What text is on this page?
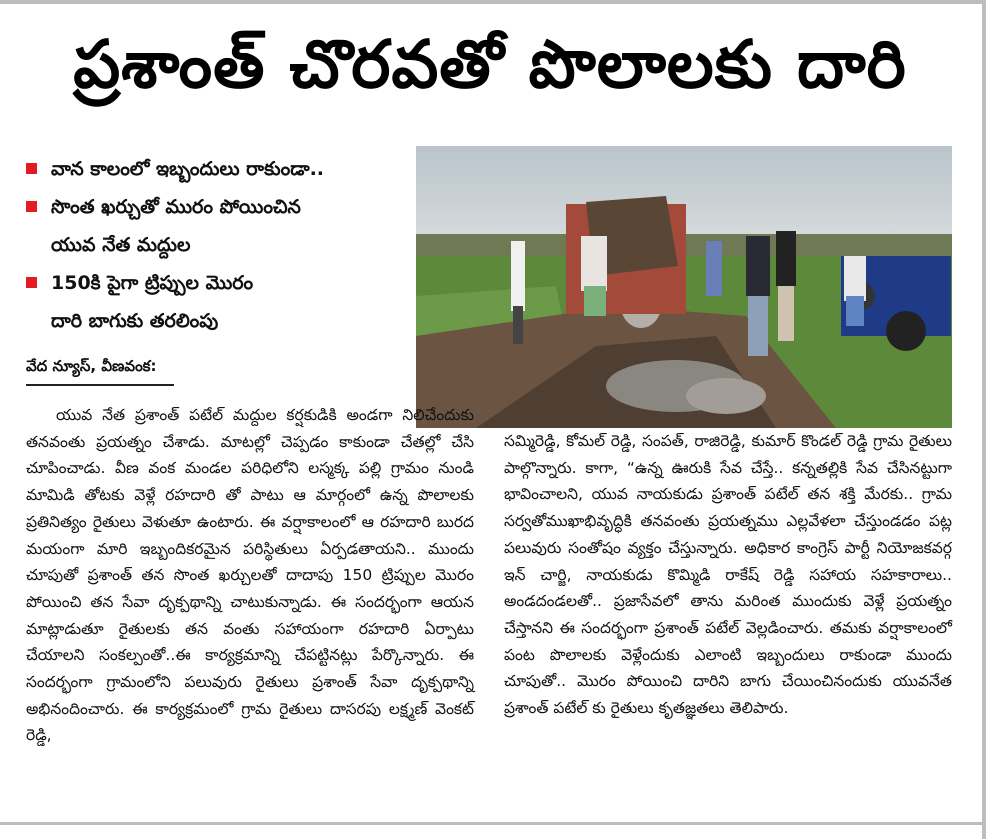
ప్రశాంత్ చొరవతో పొలాలకు దారి
వాన కాలంలో ఇబ్బందులు రాకుండా..
సొంత ఖర్చుతో మురం పోయించిన
యువ నేత మద్దుల
150కి పైగా ట్రిప్పుల మొరం
దారి బాగుకు తరలింపు
వేద న్యూస్, వీణవంక:

యువ నేత ప్రశాంత్ పటేల్ మద్దుల కర్షకుడికి అండగా నిలిచేందుకు తనవంతు ప్రయత్నం చేశాడు. మాటల్లో చెప్పడం కాకుండా చేతల్లో చేసి చూపించాడు. వీణ వంక మండల పరిధిలోని లస్మక్క పల్లి గ్రామం నుండి మామిడి తోటకు వెళ్లే రహదారి తో పాటు ఆ మార్గంలో ఉన్న పొలాలకు ప్రతినిత్యం రైతులు వెళుతూ ఉంటారు. ఈ వర్షాకాలంలో ఆ రహదారి బురద మయంగా మారి ఇబ్బందికరమైన పరిస్థితులు ఏర్పడతాయని.. ముందు చూపుతో ప్రశాంత్ తన సొంత ఖర్చులతో దాదాపు 150 ట్రిప్పుల మొరం పోయించి తన సేవా దృక్పథాన్ని చాటుకున్నాడు. ఈ సందర్భంగా ఆయన మాట్లాడుతూ రైతులకు తన వంతు సహాయంగా రహదారి ఏర్పాటు చేయాలని సంకల్పంతో..ఈ కార్యక్రమాన్ని చేపట్టినట్లు పేర్కొన్నారు. ఈ సందర్భంగా గ్రామంలోని పలువురు రైతులు ప్రశాంత్ సేవా దృక్పథాన్ని అభినందించారు. ఈ కార్యక్రమంలో గ్రామ రైతులు దాసరపు లక్ష్మణ్ వెంకట్ రెడ్డి,

సమ్మిరెడ్డి, కోమల్ రెడ్డి, సంపత్, రాజిరెడ్డి, కుమార్ కొండల్ రెడ్డి గ్రామ రైతులు పాల్గొన్నారు. కాగా, “ఉన్న ఊరుకి సేవ చేస్తే.. కన్నతల్లికి సేవ చేసినట్టుగా భావించాలని, యువ నాయకుడు ప్రశాంత్ పటేల్ తన శక్తి మేరకు.. గ్రామ సర్వతోముఖాభివృద్ధికి తనవంతు ప్రయత్నము ఎల్లవేళలా చేస్తుండడం పట్ల పలువురు సంతోషం వ్యక్తం చేస్తున్నారు. అధికార కాంగ్రెస్ పార్టీ నియోజకవర్గ ఇన్ చార్జి, నాయకుడు కొమ్మిడి రాకేష్ రెడ్డి సహాయ సహకారాలు.. అండదండలతో.. ప్రజాసేవలో తాను మరింత ముందుకు వెళ్లే ప్రయత్నం చేస్తానని ఈ సందర్భంగా ప్రశాంత్ పటేల్ వెల్లడించారు. తమకు వర్షాకాలంలో పంట పొలాలకు వెళ్లేందుకు ఎలాంటి ఇబ్బందులు రాకుండా ముందు చూపుతో.. మొరం పోయించి దారిని బాగు చేయించినందుకు యువనేత ప్రశాంత్ పటేల్ కు రైతులు కృతజ్ఞతలు తెలిపారు.
